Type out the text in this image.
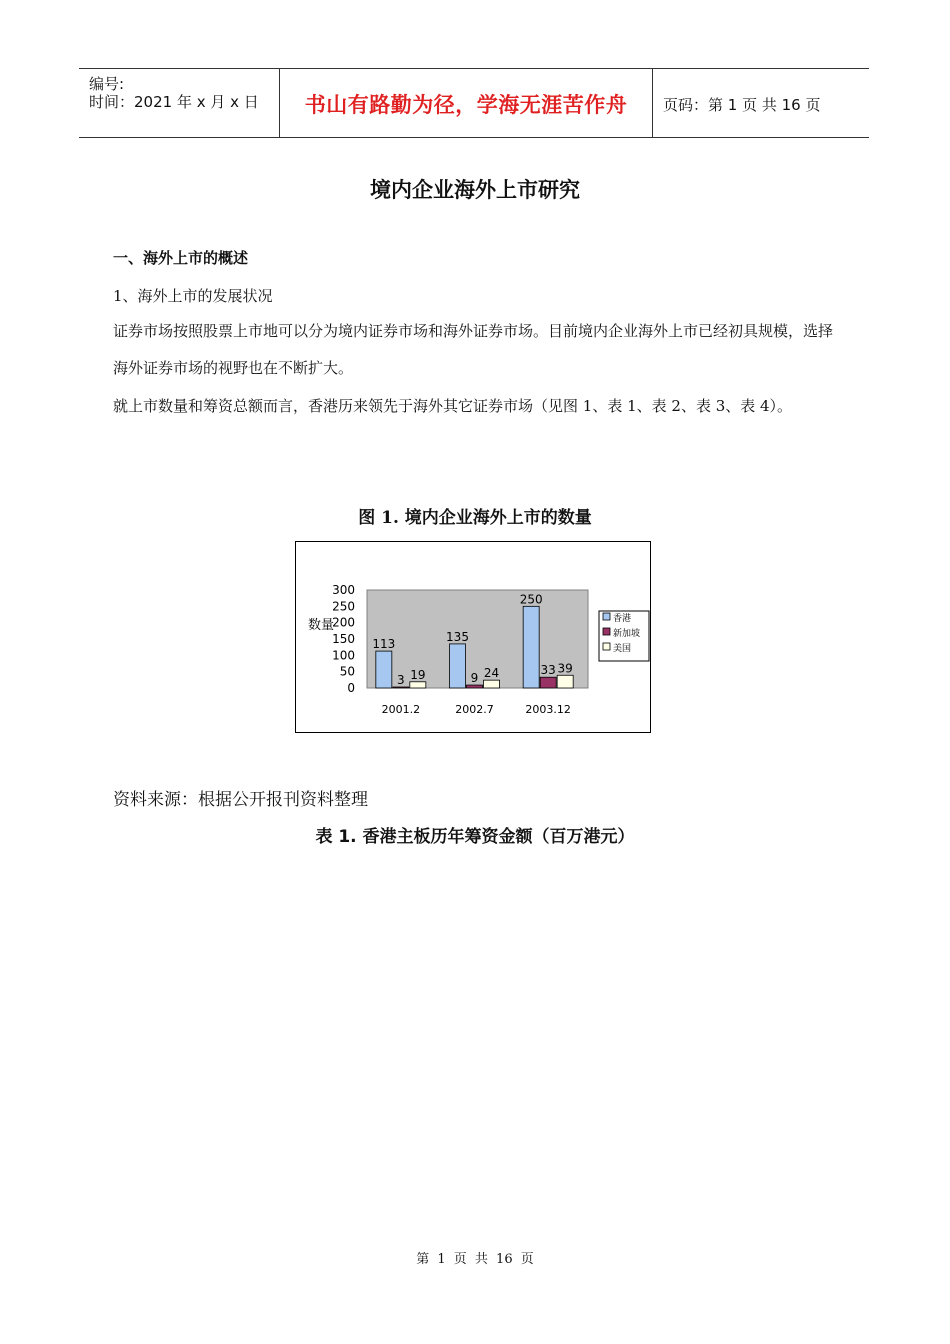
编号:
时间：2021 年 x 月 x 日	书山有路勤为径，学海无涯苦作舟	页码：第 1 页 共 16 页
境内企业海外上市研究
一、海外上市的概述
1、海外上市的发展状况

证券市场按照股票上市地可以分为境内证券市场和海外证券市场。目前境内企业海外上市已经初具规模，选择海外证券市场的视野也在不断扩大。

就上市数量和筹资总额而言，香港历来领先于海外其它证券市场（见图 1、表 1、表 2、表 3、表 4）。

图 1. 境内企业海外上市的数量
0
50
100
150
200
250
300
数量
113
3 19
2001.2
135
9 24
2002.7
250
33 39
2003.12
香港
新加坡
美国
资料来源：根据公开报刊资料整理
表 1. 香港主板历年筹资金额（百万港元）
第 1 页 共 16 页
